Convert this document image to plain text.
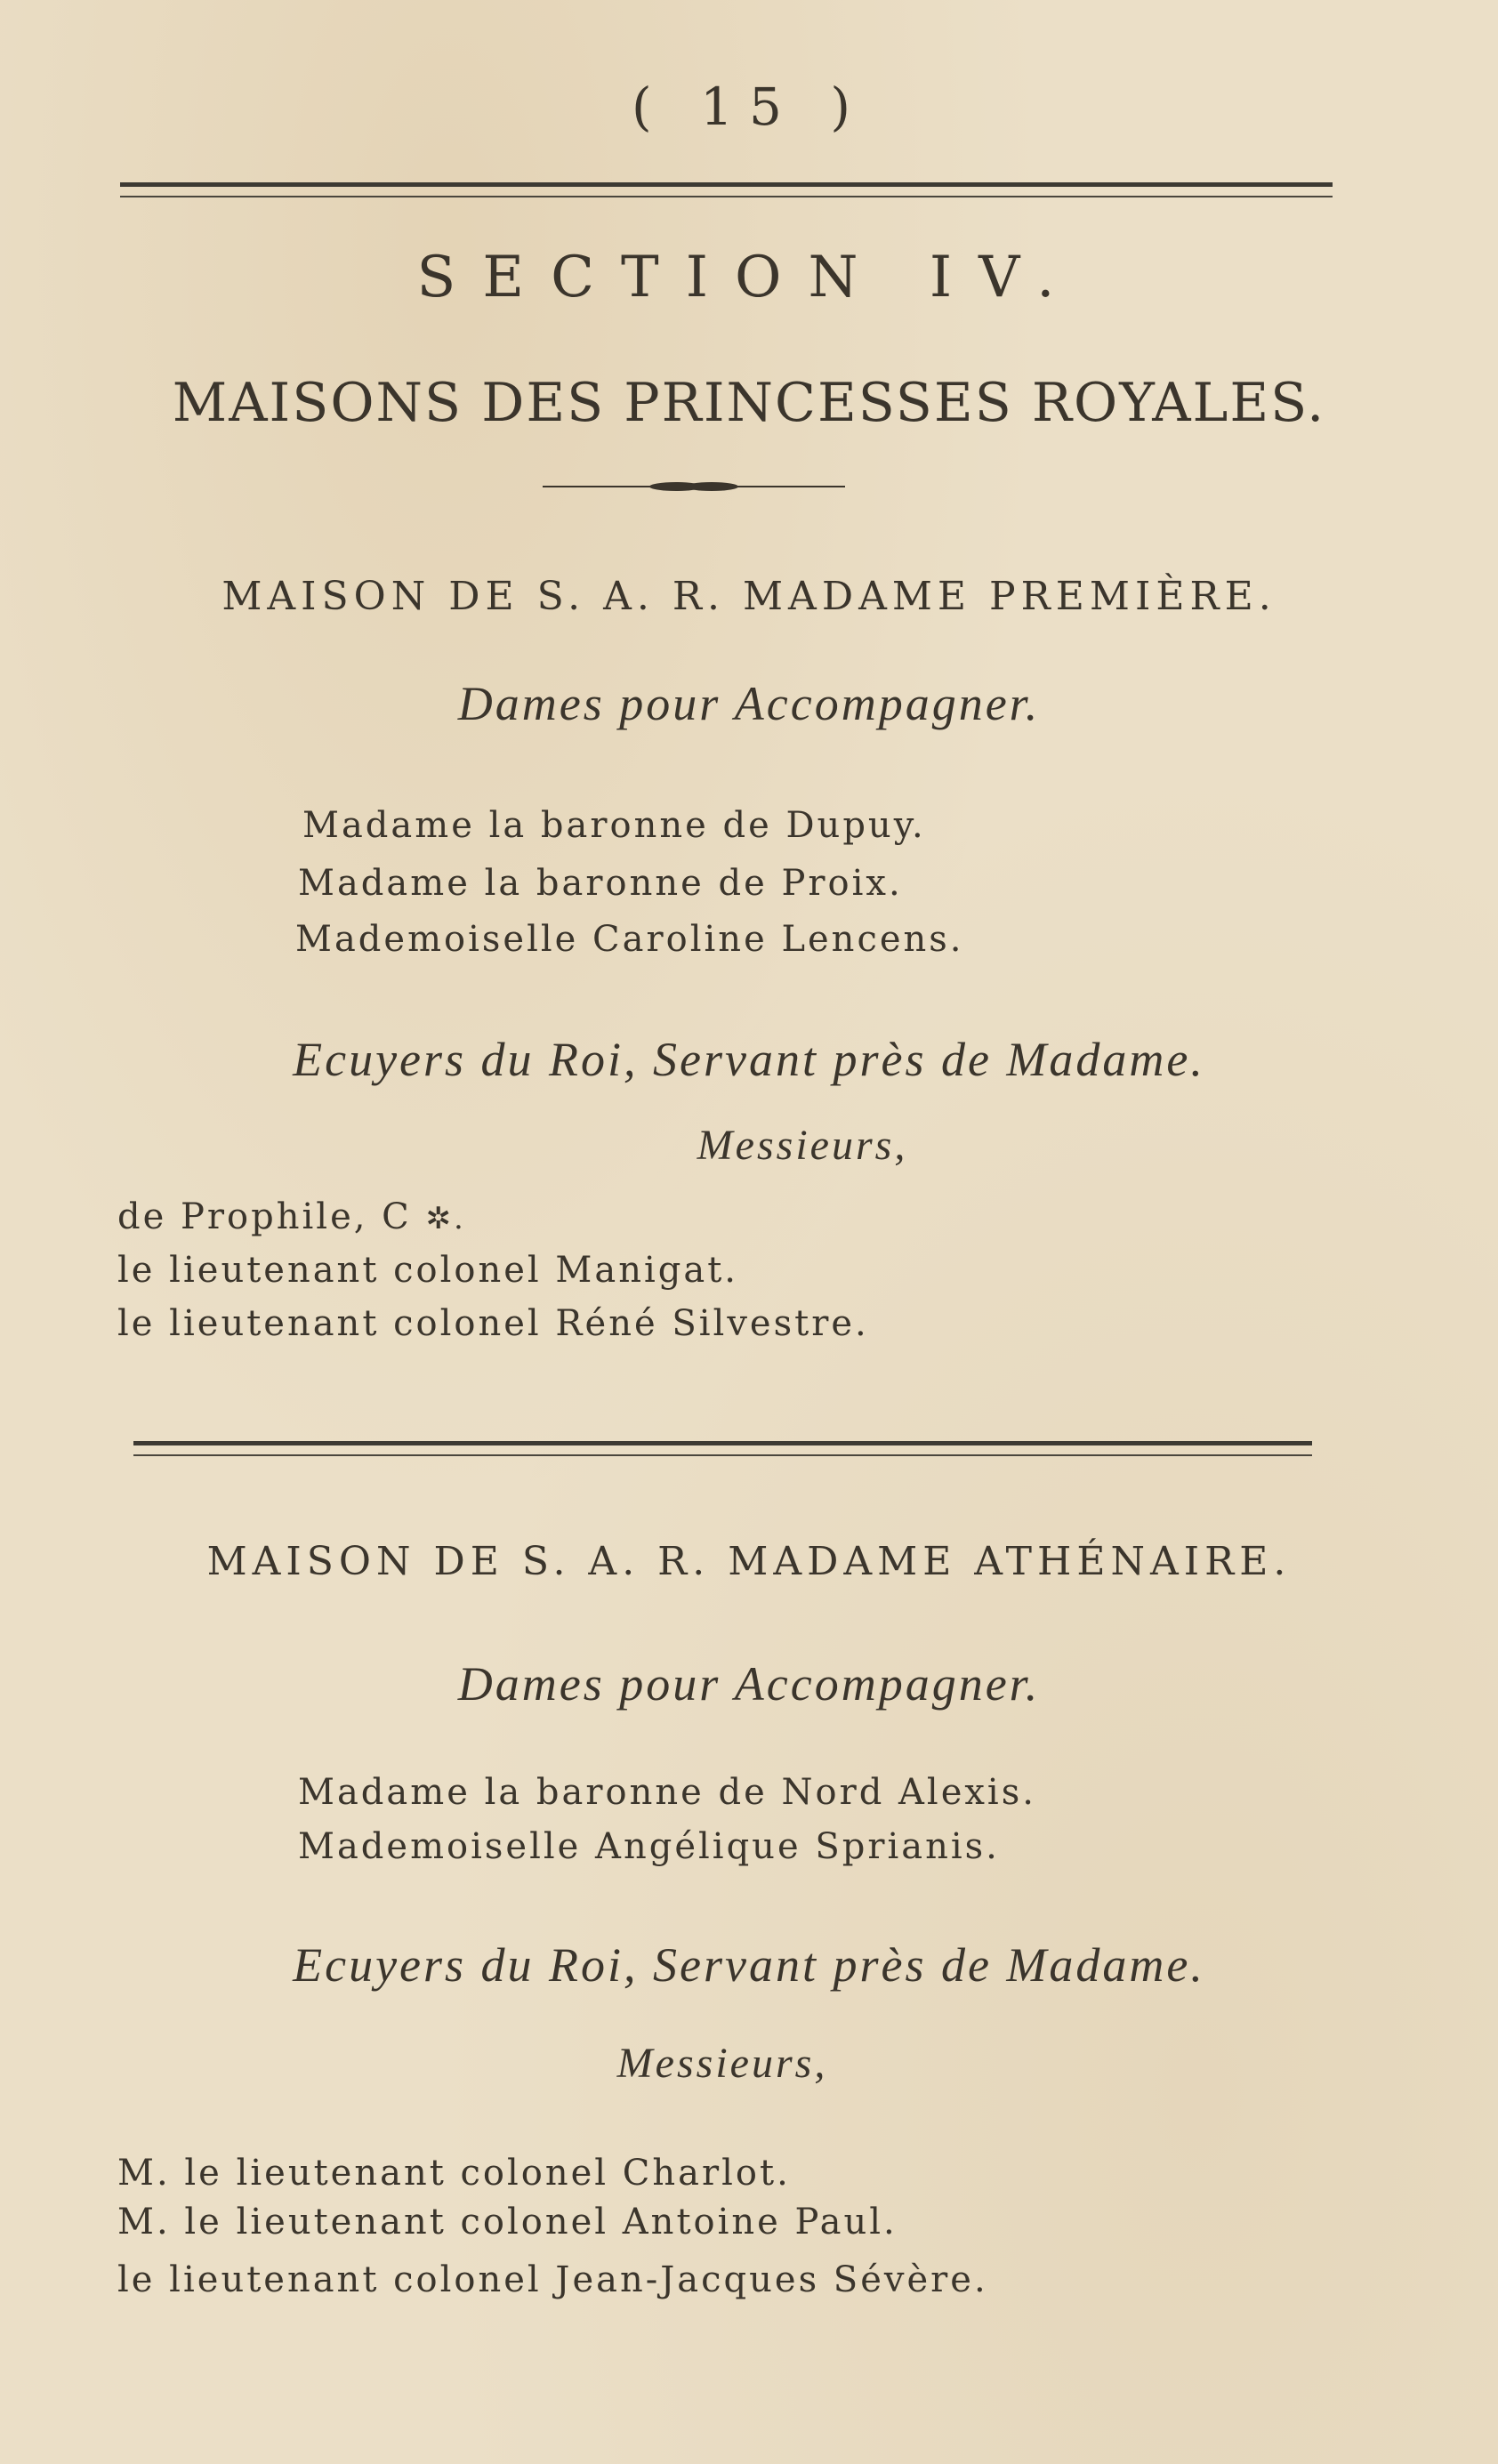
( 15 )
SECTION IV.
MAISONS DES PRINCESSES ROYALES.
MAISON DE S. A. R. MADAME PREMIÈRE.
Dames pour Accompagner.
Madame la baronne de Dupuy.
Madame la baronne de Proix.
Mademoiselle Caroline Lencens.
Ecuyers du Roi, Servant près de Madame.
Messieurs,
de Prophile, C ✲.
le lieutenant colonel Manigat.
le lieutenant colonel Réné Silvestre.
MAISON DE S. A. R. MADAME ATHÉNAIRE.
Dames pour Accompagner.
Madame la baronne de Nord Alexis.
Mademoiselle Angélique Sprianis.
Ecuyers du Roi, Servant près de Madame.
Messieurs,
M. le lieutenant colonel Charlot.
M. le lieutenant colonel Antoine Paul.
le lieutenant colonel Jean-Jacques Sévère.
